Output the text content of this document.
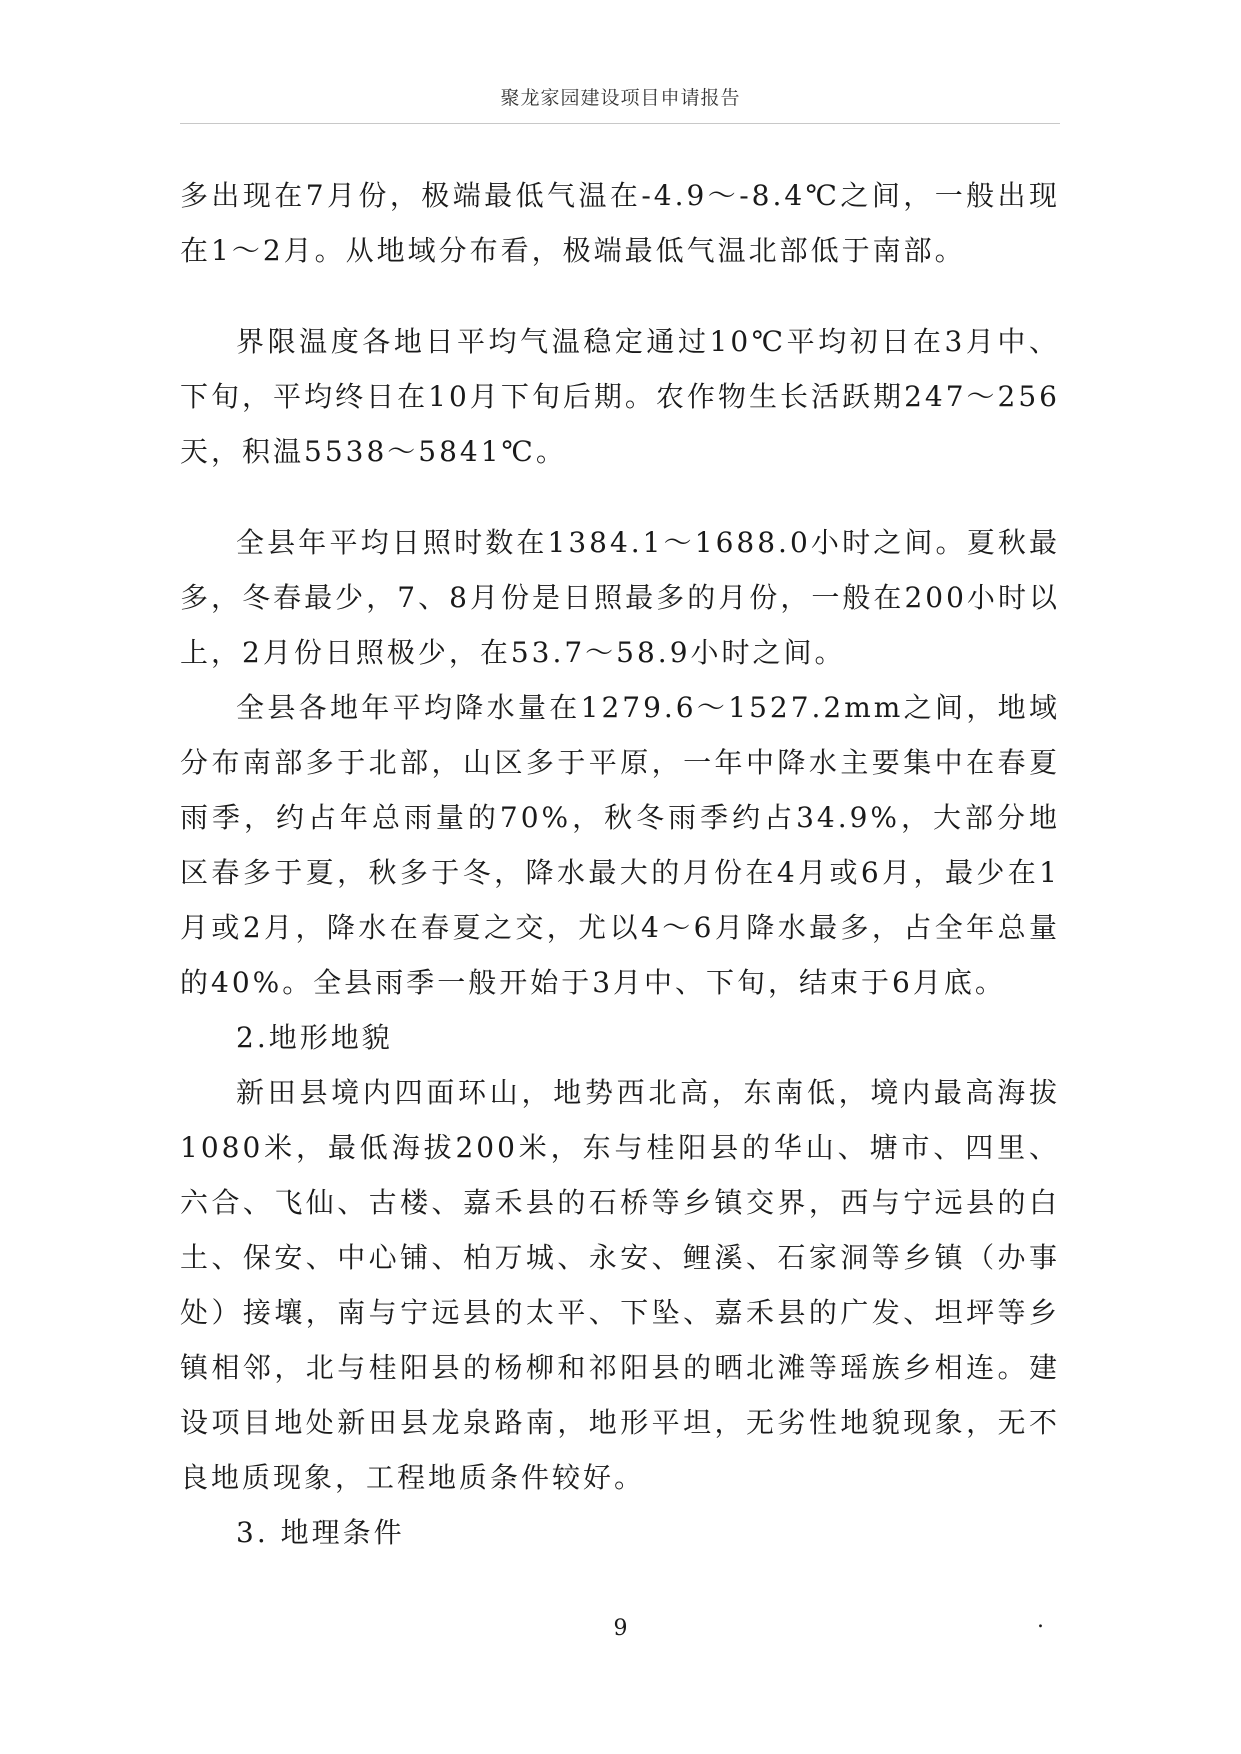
聚龙家园建设项目申请报告

多出现在7月份，极端最低气温在-4.9～-8.4℃之间，一般出现在1～2月。从地域分布看，极端最低气温北部低于南部。

界限温度各地日平均气温稳定通过10℃平均初日在3月中、下旬，平均终日在10月下旬后期。农作物生长活跃期247～256天，积温5538～5841℃。

全县年平均日照时数在1384.1～1688.0小时之间。夏秋最多，冬春最少，7、8月份是日照最多的月份，一般在200小时以上，2月份日照极少，在53.7～58.9小时之间。

全县各地年平均降水量在1279.6～1527.2mm之间，地域分布南部多于北部，山区多于平原，一年中降水主要集中在春夏雨季，约占年总雨量的70%，秋冬雨季约占34.9%，大部分地区春多于夏，秋多于冬，降水最大的月份在4月或6月，最少在1月或2月，降水在春夏之交，尤以4～6月降水最多，占全年总量的40%。全县雨季一般开始于3月中、下旬，结束于6月底。

2.地形地貌

新田县境内四面环山，地势西北高，东南低，境内最高海拔1080米，最低海拔200米，东与桂阳县的华山、塘市、四里、六合、飞仙、古楼、嘉禾县的石桥等乡镇交界，西与宁远县的白土、保安、中心铺、柏万城、永安、鲤溪、石家洞等乡镇（办事处）接壤，南与宁远县的太平、下坠、嘉禾县的广发、坦坪等乡镇相邻，北与桂阳县的杨柳和祁阳县的晒北滩等瑶族乡相连。建设项目地处新田县龙泉路南，地形平坦，无劣性地貌现象，无不良地质现象，工程地质条件较好。

3. 地理条件

9	.
